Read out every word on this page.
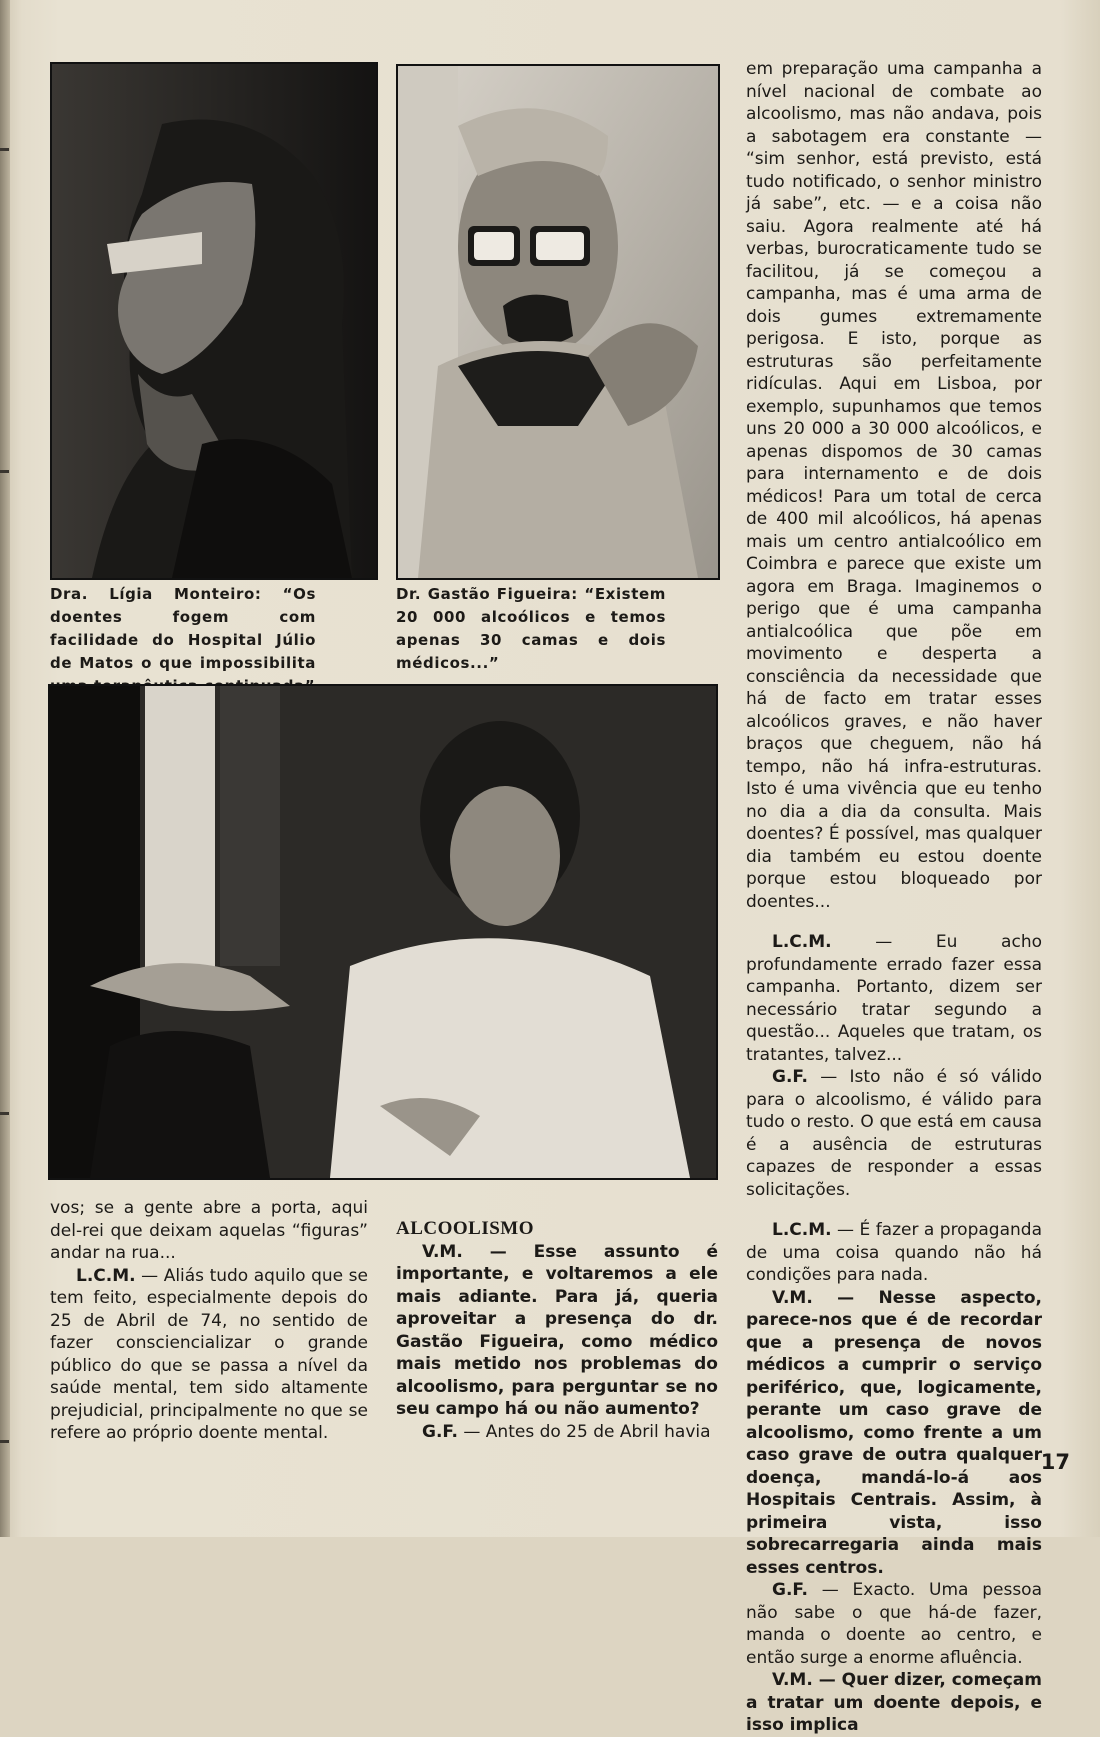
Dra. Lígia Monteiro: “Os doentes fogem com facilidade do Hospital Júlio de Matos o que impossibilita
Dr. Gastão Figueira: “Existem 20 000 alcoólicos e temos apenas 30 camas e dois médicos...”

em preparação uma campanha a nível nacional de combate ao alcoolismo, mas não andava, pois a sabotagem era constante — “sim senhor, está previsto, está tudo notificado, o senhor ministro já sabe”, etc. — e a coisa não saiu. Agora realmente até há verbas, burocraticamente tudo se facilitou, já se começou a campanha, mas é uma arma de dois gumes extremamente perigosa. E isto, porque as estruturas são perfeitamente ridículas. Aqui em Lisboa, por exemplo, supunhamos que temos uns 20 000 a 30 000 alcoólicos, e apenas dispomos de 30 camas para internamento e de dois médicos! Para um total de cerca de 400 mil alcoólicos, há apenas mais um centro antialcoólico em Coimbra e parece que existe um agora em Braga. Imaginemos o perigo que é uma campanha antialcoólica que põe em movimento e desperta a consciência da necessidade que há de facto em tratar esses alcoólicos graves, e não haver braços que cheguem, não há tempo, não há infra-estruturas. Isto é uma vivência que eu tenho no dia a dia da consulta. Mais doentes? É possível, mas qualquer dia também eu estou doente porque estou bloqueado por doentes...

L.C.M. — Eu acho profundamente errado fazer essa campanha. Portanto, dizem ser necessário tratar segundo a questão... Aqueles que tratam, os tratantes, talvez...

G.F. — Isto não é só válido para o alcoolismo, é válido para tudo o resto. O que está em causa é a ausência de estruturas capazes de responder a essas solicitações.

L.C.M. — É fazer a propaganda de uma coisa quando não há condições para nada.

V.M. — Nesse aspecto, parece-nos que é de recordar que a presença de novos médicos a cumprir o serviço periférico, que, logicamente, perante um caso grave de alcoolismo, como frente a um caso grave de outra qualquer doença, mandá-lo-á aos Hospitais Centrais. Assim, à primeira vista, isso sobrecarregaria ainda mais esses centros.

G.F. — Exacto. Uma pessoa não sabe o que há-de fazer, manda o doente ao centro, e então surge a enorme afluência.

V.M. — Quer dizer, começam a tratar um doente depois, e isso implica

vos; se a gente abre a porta, aqui del-rei que deixam aquelas “figuras” andar na rua...

L.C.M. — Aliás tudo aquilo que se tem feito, especialmente depois do 25 de Abril de 74, no sentido de fazer consciencializar o grande público do que se passa a nível da saúde mental, tem sido altamente prejudicial, principalmente no que se refere ao próprio doente mental.

ALCOOLISMO

V.M. — Esse assunto é importante, e voltaremos a ele mais adiante. Para já, queria aproveitar a presença do dr. Gastão Figueira, como médico mais metido nos problemas do alcoolismo, para perguntar se no seu campo há ou não aumento?

G.F. — Antes do 25 de Abril havia

17
